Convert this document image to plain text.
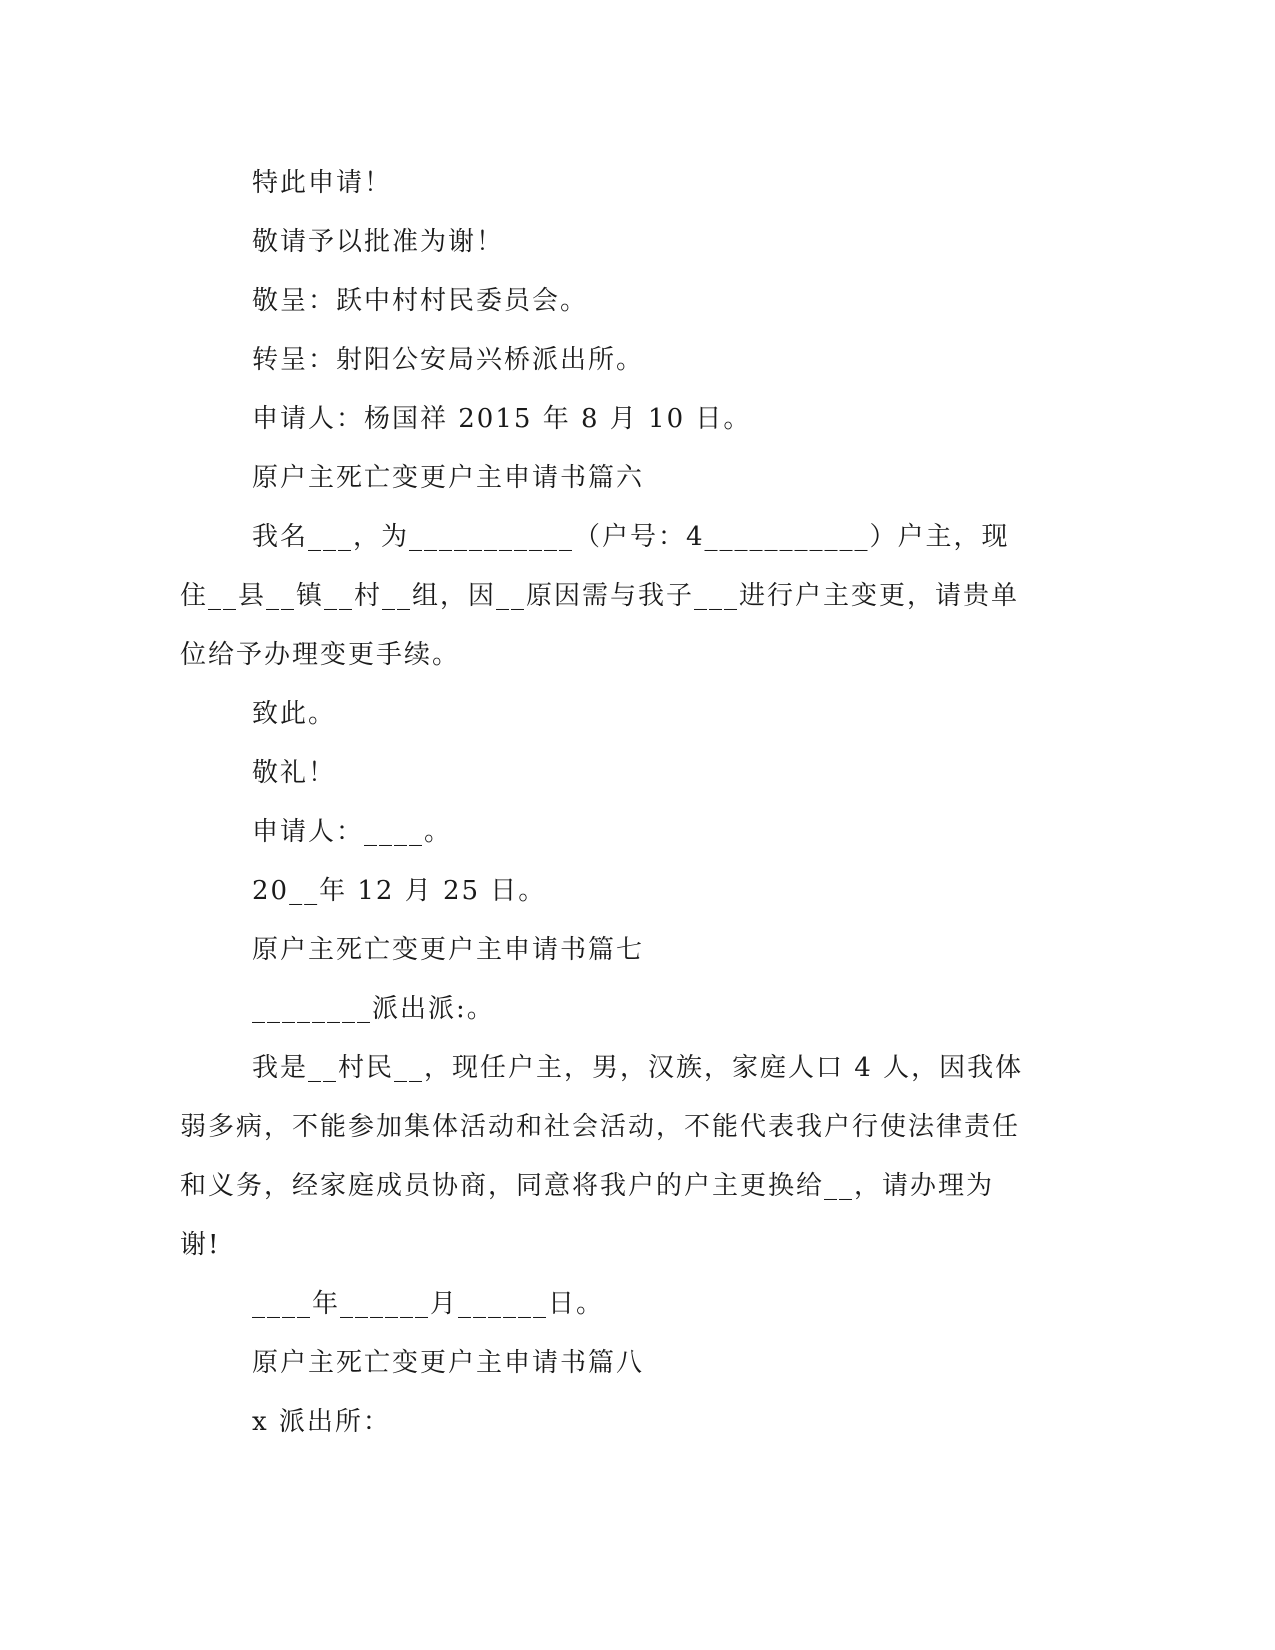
特此申请！

敬请予以批准为谢！

敬呈：跃中村村民委员会。

转呈：射阳公安局兴桥派出所。

申请人：杨国祥 2015 年 8 月 10 日。

原户主死亡变更户主申请书篇六

我名___，为___________（户号：4___________）户主，现住__县__镇__村__组，因__原因需与我子___进行户主变更，请贵单位给予办理变更手续。

致此。

敬礼！

申请人：____。

20__年 12 月 25 日。

原户主死亡变更户主申请书篇七

________派出派:。

我是__村民__，现任户主，男，汉族，家庭人口 4 人，因我体弱多病，不能参加集体活动和社会活动，不能代表我户行使法律责任和义务，经家庭成员协商，同意将我户的户主更换给__，请办理为谢!

____年______月______日。

原户主死亡变更户主申请书篇八

x 派出所：
